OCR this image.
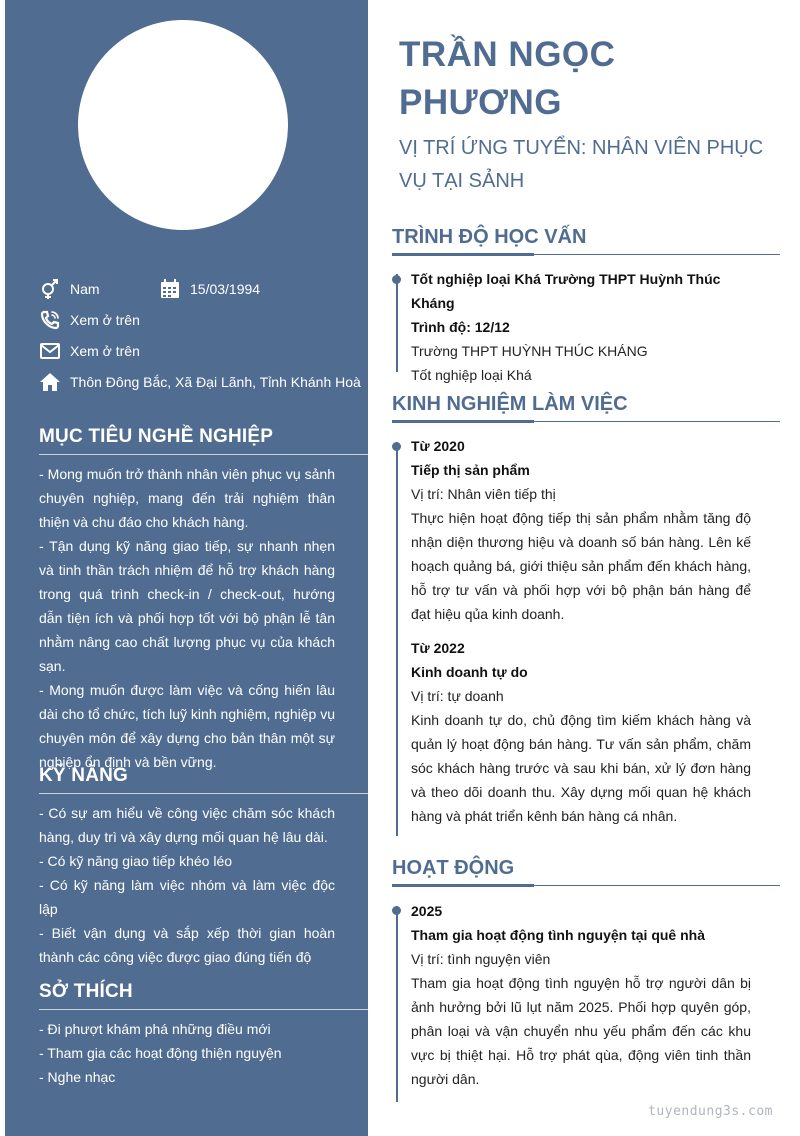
Nam	15/03/1994
Xem ở trên
Xem ở trên
Thôn Đông Bắc, Xã Đại Lãnh, Tỉnh Khánh Hoà
MỤC TIÊU NGHỀ NGHIỆP

- Mong muốn trở thành nhân viên phục vụ sảnh chuyên nghiệp, mang đến trải nghiệm thân thiện và chu đáo cho khách hàng.

- Tận dụng kỹ năng giao tiếp, sự nhanh nhẹn và tinh thần trách nhiệm để hỗ trợ khách hàng trong quá trình check-in / check-out, hướng dẫn tiện ích và phối hợp tốt với bộ phận lễ tân nhằm nâng cao chất lượng phục vụ của khách sạn.

- Mong muốn được làm việc và cống hiến lâu dài cho tổ chức, tích luỹ kinh nghiệm, nghiệp vụ chuyên môn để xây dựng cho bản thân một sự nghiệp ổn định và bền vững.

KỸ NĂNG

- Có sự am hiểu về công việc chăm sóc khách hàng, duy trì và xây dựng mối quan hệ lâu dài.

- Có kỹ năng giao tiếp khéo léo

- Có kỹ năng làm việc nhóm và làm việc độc lập

- Biết vận dụng và sắp xếp thời gian hoàn thành các công việc được giao đúng tiến độ

SỞ THÍCH

- Đi phượt khám phá những điều mới

- Tham gia các hoạt động thiện nguyện

- Nghe nhạc

TRẦN NGỌC PHƯƠNG
VỊ TRÍ ỨNG TUYỂN: NHÂN VIÊN PHỤC VỤ TẠI SẢNH
TRÌNH ĐỘ HỌC VẤN
Tốt nghiệp loại Khá Trường THPT Huỳnh Thúc Kháng
Trình độ: 12/12
Trường THPT HUỲNH THÚC KHÁNG
Tốt nghiệp loại Khá
KINH NGHIỆM LÀM VIỆC
Từ 2020
Tiếp thị sản phẩm
Vị trí: Nhân viên tiếp thị
Thực hiện hoạt động tiếp thị sản phẩm nhằm tăng độ nhận diện thương hiệu và doanh số bán hàng. Lên kế hoạch quảng bá, giới thiệu sản phẩm đến khách hàng, hỗ trợ tư vấn và phối hợp với bộ phận bán hàng để đạt hiệu qủa kinh doanh.
Từ 2022
Kinh doanh tự do
Vị trí: tự doanh
Kinh doanh tự do, chủ động tìm kiếm khách hàng và quản lý hoạt động bán hàng. Tư vấn sản phẩm, chăm sóc khách hàng trước và sau khi bán, xử lý đơn hàng và theo dõi doanh thu. Xây dựng mối quan hệ khách hàng và phát triển kênh bán hàng cá nhân.
HOẠT ĐỘNG
2025
Tham gia hoạt động tình nguyện tại quê nhà
Vị trí: tình nguyện viên
Tham gia hoạt động tình nguyện hỗ trợ người dân bị ảnh hưởng bởi lũ lụt năm 2025. Phối hợp quyên góp, phân loại và vận chuyển nhu yếu phẩm đến các khu vực bị thiệt hại. Hỗ trợ phát qùa, động viên tinh thần người dân.
tuyendung3s.com
